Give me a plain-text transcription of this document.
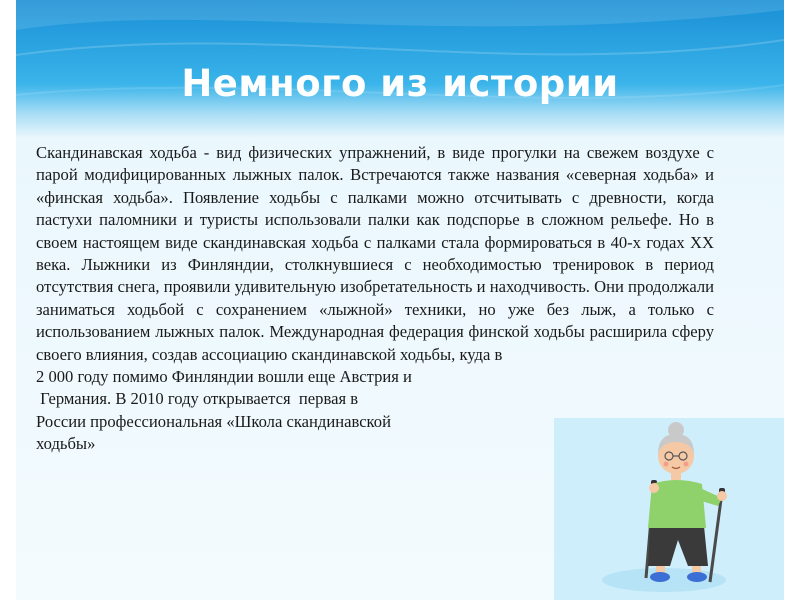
Немного из истории
Скандинавская ходьба - вид физических упражнений, в виде прогулки на свежем воздухе с парой модифицированных лыжных палок. Встречаются также названия «северная ходьба» и «финская ходьба». Появление ходьбы с палками можно отсчитывать с древности, когда пастухи паломники и туристы использовали палки как подспорье в сложном рельефе. Но в своем настоящем виде скандинавская ходьба с палками стала формироваться в 40-х годах XX века. Лыжники из Финляндии, столкнувшиеся с необходимостью тренировок в период отсутствия снега, проявили удивительную изобретательность и находчивость. Они продолжали заниматься ходьбой с сохранением «лыжной» техники, но уже без лыж, а только с использованием лыжных палок. Международная федерация финской ходьбы расширила сферу своего влияния, создав ассоциацию скандинавской ходьбы, куда в
2 000 году помимо Финляндии вошли еще Австрия и
Германия. В 2010 году открывается  первая в
России профессиональная «Школа скандинавской
ходьбы»
